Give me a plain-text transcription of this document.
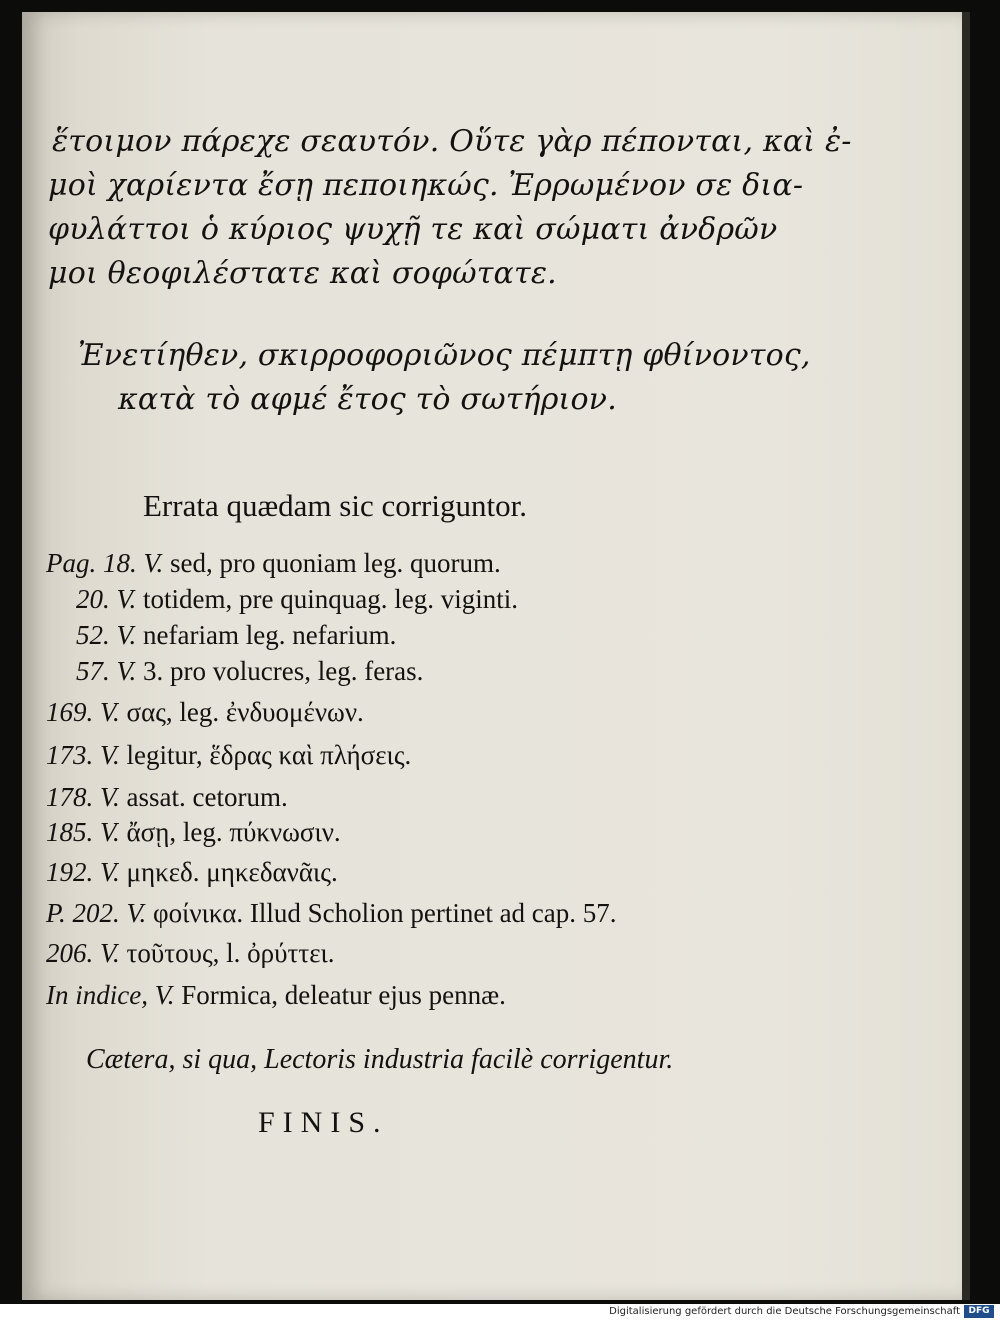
ἕτοιμον πάρεχε σεαυτόν. Οὕτε γὰρ πέπονται, καὶ ἐ-
μοὶ χαρίεντα ἔσῃ πεποιηκώς. Ἐρρωμένον σε δια-
φυλάττοι ὁ κύριος ψυχῇ τε καὶ σώματι ἀνδρῶν
μοι θεοφιλέστατε καὶ σοφώτατε.
Ἐνετίηθεν, σκιρροφοριῶνος πέμπτῃ φθίνοντος,
κατὰ τὸ αφμέ ἔτος τὸ σωτήριον.
Errata quædam sic corriguntor.
Pag. 18. V. sed, pro quoniam leg. quorum.
20. V. totidem, pre quinquag. leg. viginti.
52. V. nefariam leg. nefarium.
57. V. 3. pro volucres, leg. feras.
169. V. σας, leg. ἐνδυομένων.
173. V. legitur, ἕδρας καὶ πλήσεις.
178. V. assat. cetorum.
185. V. ἄσῃ, leg. πύκνωσιν.
192. V. μηκεδ. μηκεδανᾶις.
P. 202. V. φοίνικα. Illud Scholion pertinet ad cap. 57.
206. V. τοῦτους, l. ὀρύττει.
In indice, V. Formica, deleatur ejus pennæ.
Cætera, si qua, Lectoris industria facilè corrigentur.
FINIS.
Digitalisierung gefördert durch die Deutsche Forschungsgemeinschaft DFG
